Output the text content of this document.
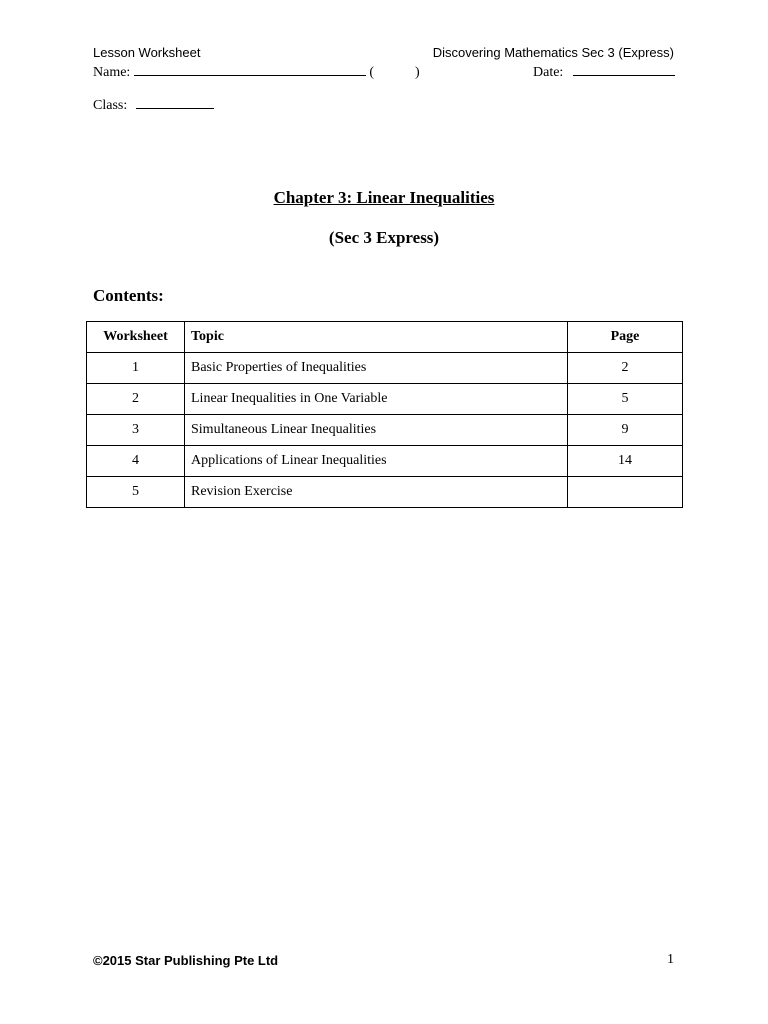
Lesson Worksheet	Discovering Mathematics Sec 3 (Express)
Name:	(	)	Date:
Class:
Chapter 3: Linear Inequalities
(Sec 3 Express)
Contents:
Worksheet	Topic	Page
1	Basic Properties of Inequalities	2
2	Linear Inequalities in One Variable	5
3	Simultaneous Linear Inequalities	9
4	Applications of Linear Inequalities	14
5	Revision Exercise	
©2015 Star Publishing Pte Ltd	1
